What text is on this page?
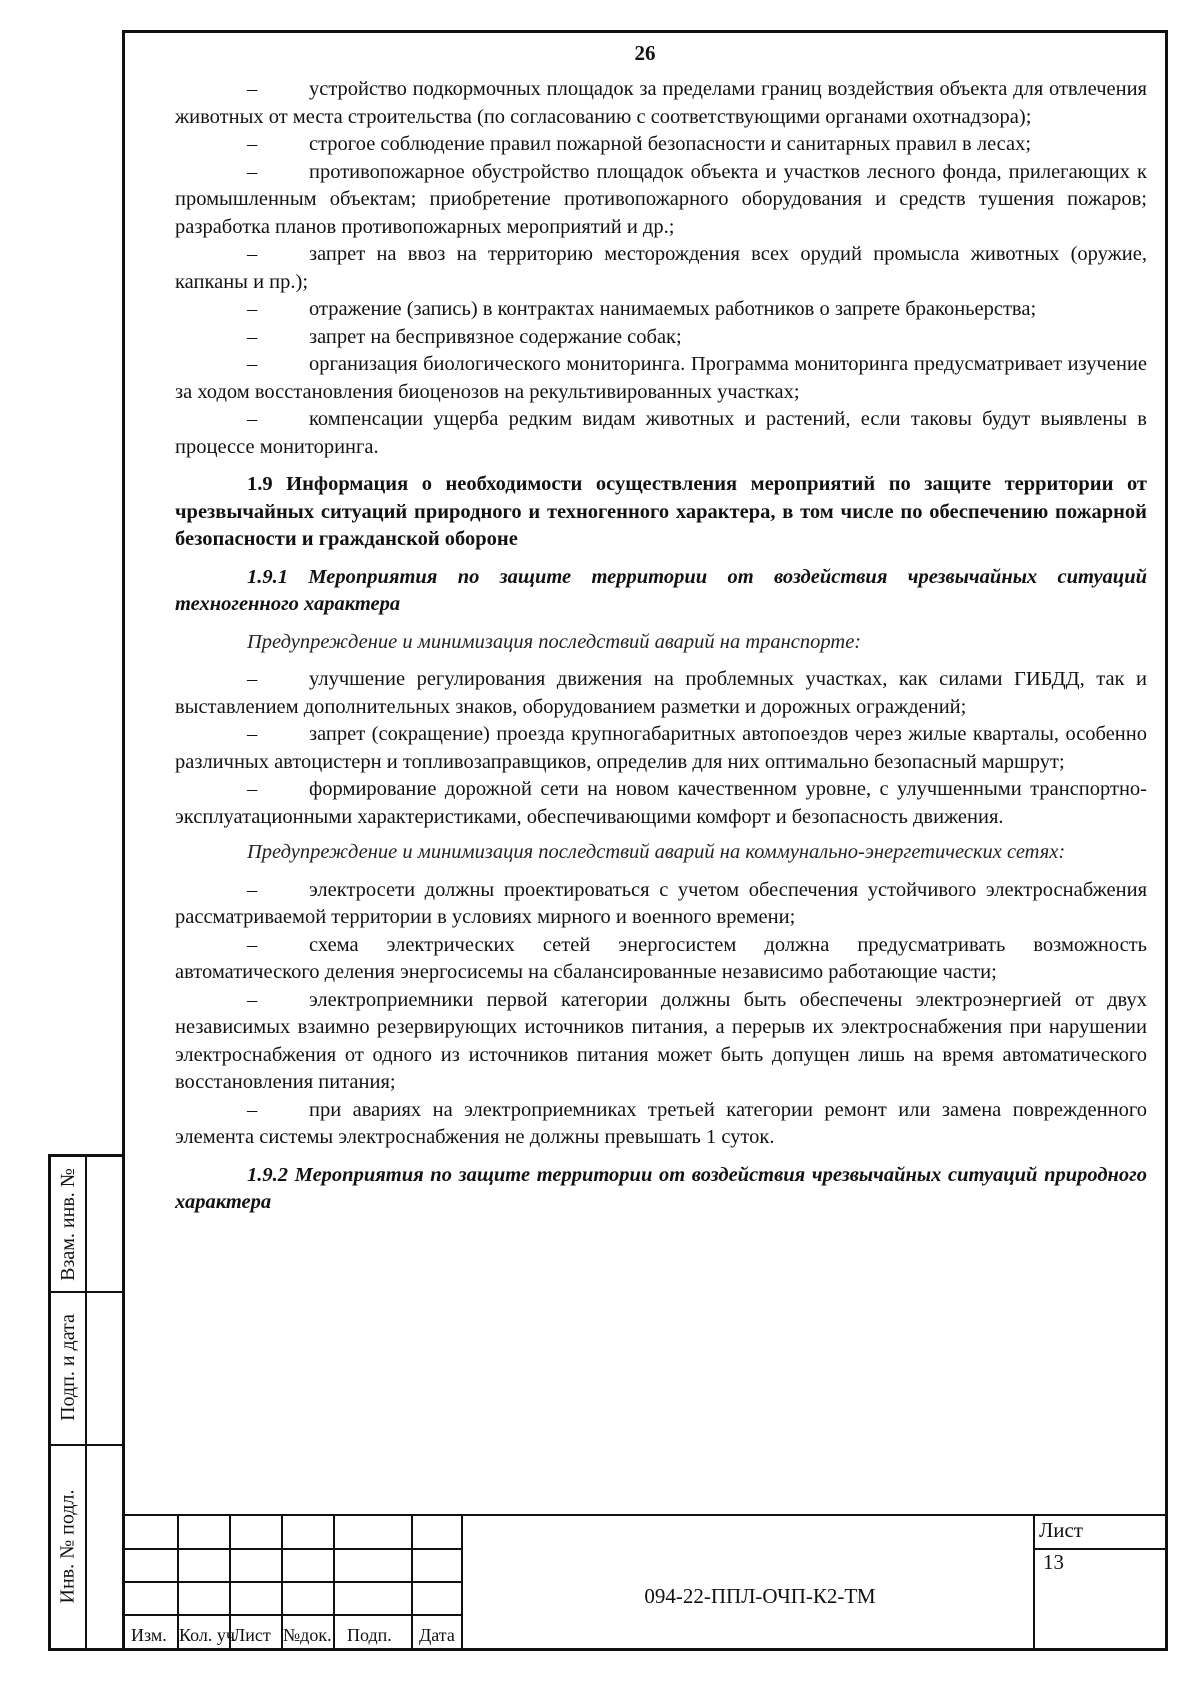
26

–	устройство подкормочных площадок за пределами границ воздействия объекта для отвлечения животных от места строительства (по согласованию с соответствующими органами охотнадзора);

–	строгое соблюдение правил пожарной безопасности и санитарных правил в лесах;

–	противопожарное обустройство площадок объекта и участков лесного фонда, прилегающих к промышленным объектам; приобретение противопожарного оборудования и средств тушения пожаров; разработка планов противопожарных мероприятий и др.;

–	запрет на ввоз на территорию месторождения всех орудий промысла животных (оружие, капканы и пр.);

–	отражение (запись) в контрактах нанимаемых работников о запрете браконьерства;

–	запрет на беспривязное содержание собак;

–	организация биологического мониторинга. Программа мониторинга предусматривает изучение за ходом восстановления биоценозов на рекультивированных участках;

–	компенсации ущерба редким видам животных и растений, если таковы будут выявлены в процессе мониторинга.

1.9 Информация о необходимости осуществления мероприятий по защите территории от чрезвычайных ситуаций природного и техногенного характера, в том числе по обеспечению пожарной безопасности и гражданской обороне

1.9.1 Мероприятия по защите территории от воздействия чрезвычайных ситуаций техногенного характера

Предупреждение и минимизация последствий аварий на транспорте:

–	улучшение регулирования движения на проблемных участках, как силами ГИБДД, так и выставлением дополнительных знаков, оборудованием разметки и дорожных ограждений;

–	запрет (сокращение) проезда крупногабаритных автопоездов через жилые кварталы, особенно различных автоцистерн и топливозаправщиков, определив для них оптимально безопасный маршрут;

–	формирование дорожной сети на новом качественном уровне, с улучшенными транспортно-эксплуатационными характеристиками, обеспечивающими комфорт и безопасность движения.

Предупреждение и минимизация последствий аварий на коммунально-энергетических сетях:

–	электросети должны проектироваться с учетом обеспечения устойчивого электроснабжения рассматриваемой территории в условиях мирного и военного времени;

–	схема электрических сетей энергосистем должна предусматривать возможность автоматического деления энергосисемы на сбалансированные независимо работающие части;

–	электроприемники первой категории должны быть обеспечены электроэнергией от двух независимых взаимно резервирующих источников питания, а перерыв их электроснабжения при нарушении электроснабжения от одного из источников питания может быть допущен лишь на время автоматического восстановления питания;

–	при авариях на электроприемниках третьей категории ремонт или замена поврежденного элемента системы электроснабжения не должны превышать 1 суток.

1.9.2 Мероприятия по защите территории от воздействия чрезвычайных ситуаций природного характера

Изм. Кол. уч
Лист №док. Подп. Дата
094-22-ППЛ-ОЧП-К2-ТМ
Лист
13
Взам. инв. №
Подп. и дата
Инв. № подл.
